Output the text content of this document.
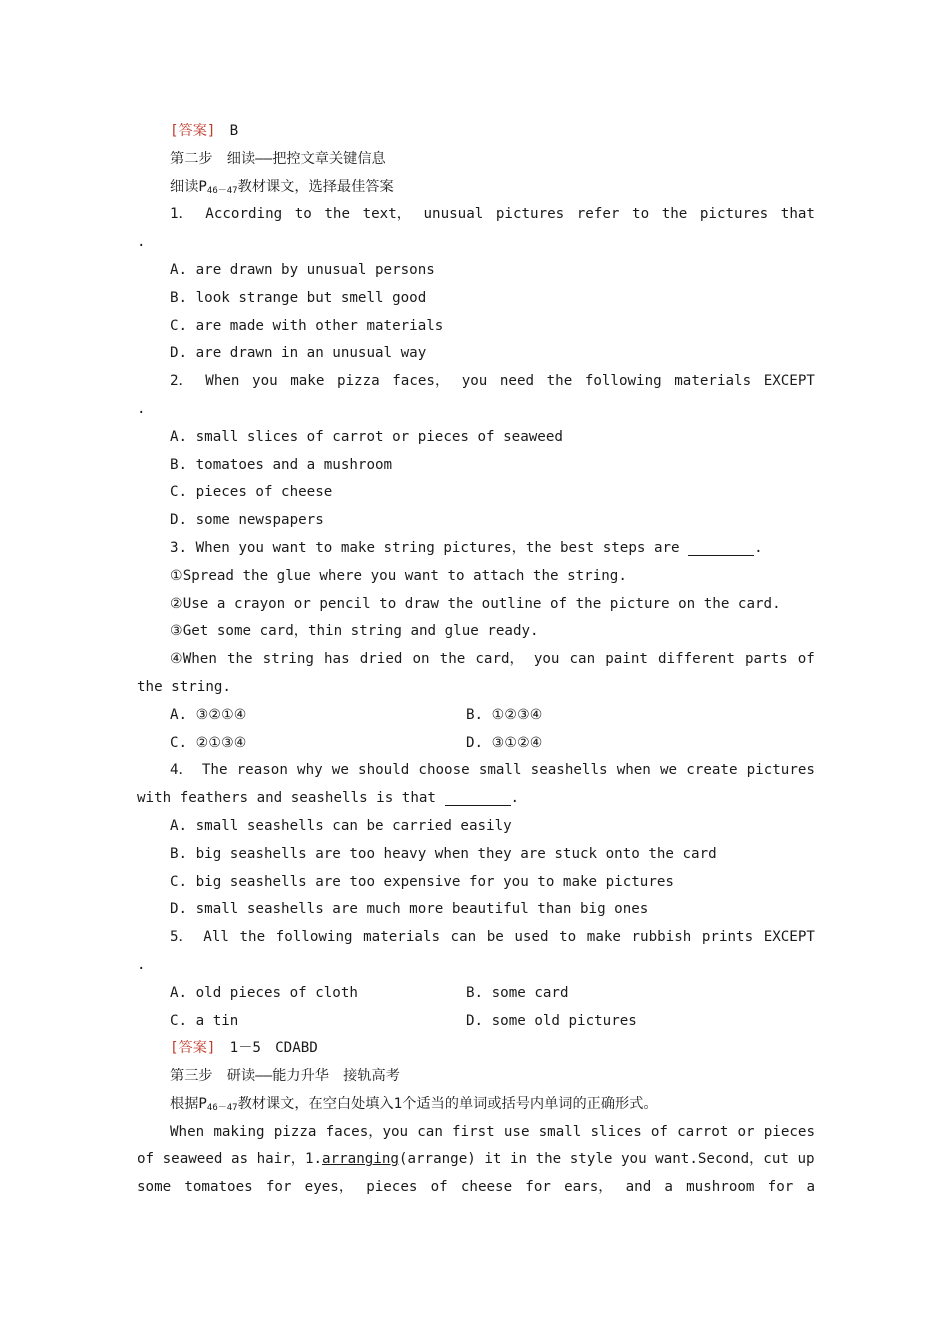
[答案]　 B
第二步　细读——把控文章关键信息
细读$P_{46-47}$教材课文，选择最佳答案
1． According to the text， unusual pictures refer to the pictures that
.
A. are drawn by unusual persons
B. look strange but smell good
C. are made with other materials
D. are drawn in an unusual way
2． When you make pizza faces， you need the following materials EXCEPT
.
A. small slices of carrot or pieces of seaweed
B. tomatoes and a mushroom
C. pieces of cheese
D. some newspapers
3. When you want to make string pictures，the best steps are	.
①Spread the glue where you want to attach the string.
②Use a crayon or pencil to draw the outline of the picture on the card.
③Get some card，thin string and glue ready.
④When the string has dried on the card， you can paint different parts of
the string.
A. ③②①④	B. ①②③④
C. ②①③④	D. ③①②④
4． The reason why we should choose small seashells when we create pictures
with feathers and seashells is that	.
A. small seashells can be carried easily
B. big seashells are too heavy when they are stuck onto the card
C. big seashells are too expensive for you to make pictures
D. small seashells are much more beautiful than big ones
5． All the following materials can be used to make rubbish prints EXCEPT
.
A. old pieces of cloth	B. some card
C. a tin	D. some old pictures
[答案]　 1－5　CDABD
第三步　研读——能力升华　接轨高考
根据$P_{46-47}$教材课文，在空白处填入1个适当的单词或括号内单词的正确形式。
When making pizza faces，you can first use small slices of carrot or pieces
of seaweed as hair，1.arranging(arrange) it in the style you want.Second，cut up
some tomatoes for eyes， pieces of cheese for ears， and a mushroom for a
